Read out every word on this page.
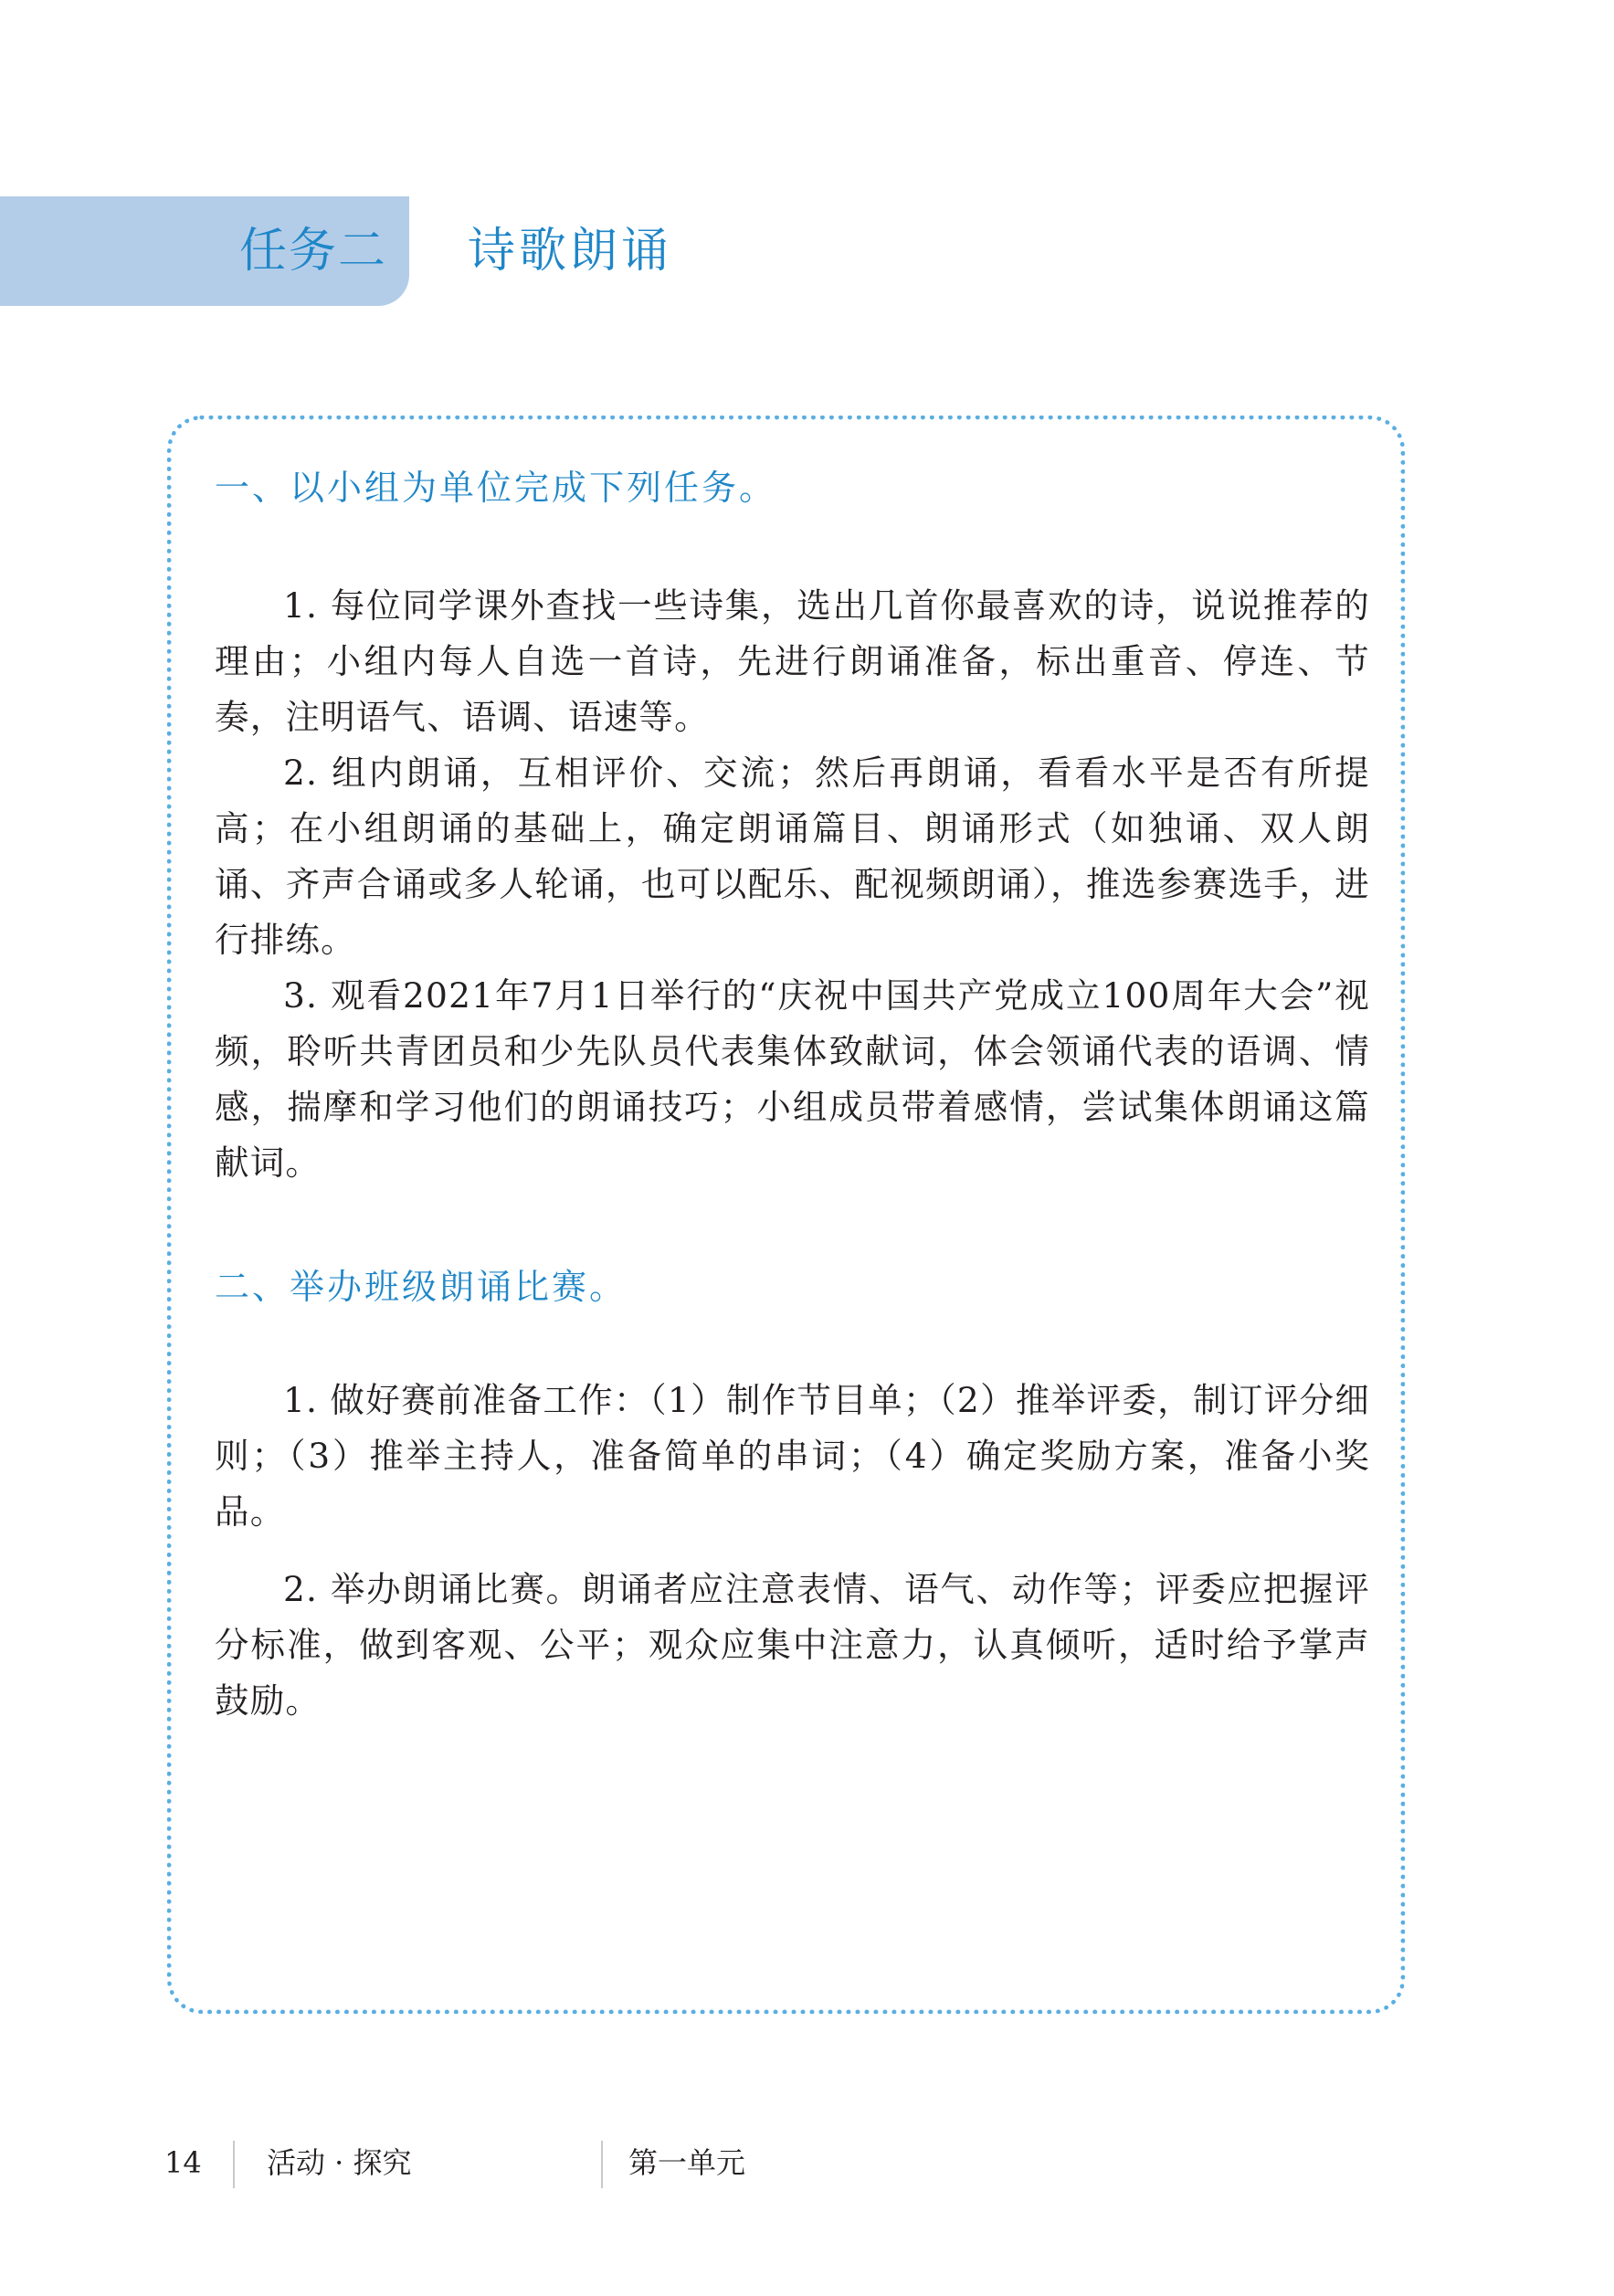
任务二 诗歌朗诵

一、以小组为单位完成下列任务。

1. 每位同学课外查找一些诗集，选出几首你最喜欢的诗，说说推荐的理由；小组内每人自选一首诗，先进行朗诵准备，标出重音、停连、节奏，注明语气、语调、语速等。

2. 组内朗诵，互相评价、交流；然后再朗诵，看看水平是否有所提高；在小组朗诵的基础上，确定朗诵篇目、朗诵形式（如独诵、双人朗诵、齐声合诵或多人轮诵，也可以配乐、配视频朗诵），推选参赛选手，进行排练。

3. 观看2021年7月1日举行的“庆祝中国共产党成立100周年大会”视频，聆听共青团员和少先队员代表集体致献词，体会领诵代表的语调、情感，揣摩和学习他们的朗诵技巧；小组成员带着感情，尝试集体朗诵这篇献词。

二、举办班级朗诵比赛。

1. 做好赛前准备工作：（1）制作节目单；（2）推举评委，制订评分细则；（3）推举主持人，准备简单的串词；（4）确定奖励方案，准备小奖品。

2. 举办朗诵比赛。朗诵者应注意表情、语气、动作等；评委应把握评分标准，做到客观、公平；观众应集中注意力，认真倾听，适时给予掌声鼓励。

14 活动 · 探究	第一单元
